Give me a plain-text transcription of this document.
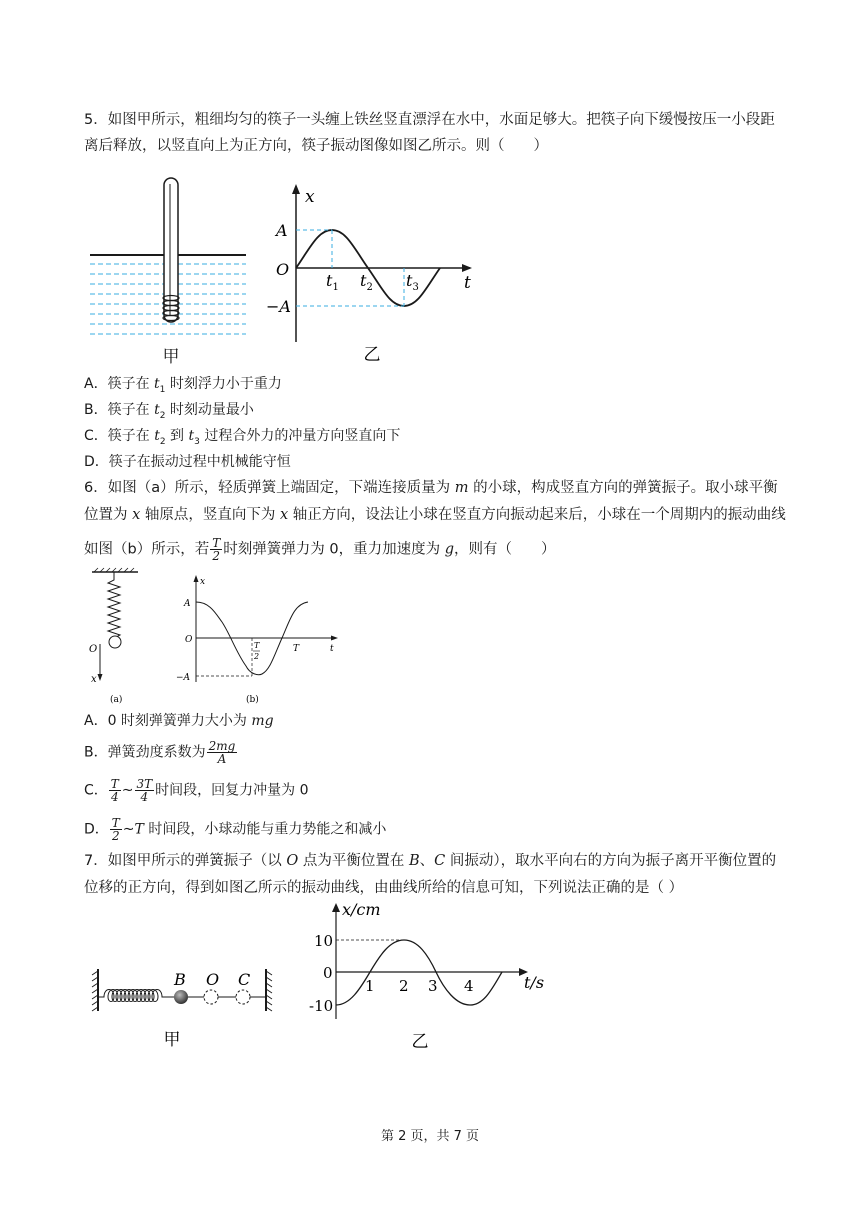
5．如图甲所示，粗细均匀的筷子一头缠上铁丝竖直漂浮在水中，水面足够大。把筷子向下缓慢按压一小段距
离后释放，以竖直向上为正方向，筷子振动图像如图乙所示。则（　　）
甲
x
t
O
A
−A
$t_1$ $t_2$ $t_3$
乙
A．筷子在 $t_1$ 时刻浮力小于重力
B．筷子在 $t_2$ 时刻动量最小
C．筷子在 $t_2$ 到 $t_3$ 过程合外力的冲量方向竖直向下
D．筷子在振动过程中机械能守恒
6．如图（a）所示，轻质弹簧上端固定，下端连接质量为 m 的小球，构成竖直方向的弹簧振子。取小球平衡
位置为 x 轴原点，竖直向下为 x 轴正方向，设法让小球在竖直方向振动起来后，小球在一个周期内的振动曲线
如图（b）所示，若 $\frac{T}{2}$ 时刻弹簧弹力为 0，重力加速度为 g，则有（　　）
O
x
(a)
x
t
A
O
−A
T
2
T
(b)
A．0 时刻弹簧弹力大小为 mg
B．弹簧劲度系数为 $\frac{2mg}{A}$
C． $\frac{T}{4}$ ~ $\frac{3T}{4}$ 时间段，回复力冲量为 0
D． $\frac{T}{2}$ ~T 时间段，小球动能与重力势能之和减小
7．如图甲所示的弹簧振子（以 O 点为平衡位置在 B、C 间振动），取水平向右的方向为振子离开平衡位置的
位移的正方向，得到如图乙所示的振动曲线，由曲线所给的信息可知，下列说法正确的是（ ）
B O C
甲
x/cm
t/s
10
0
-10
1 2 3 4
乙
第 2 页，共 7 页
